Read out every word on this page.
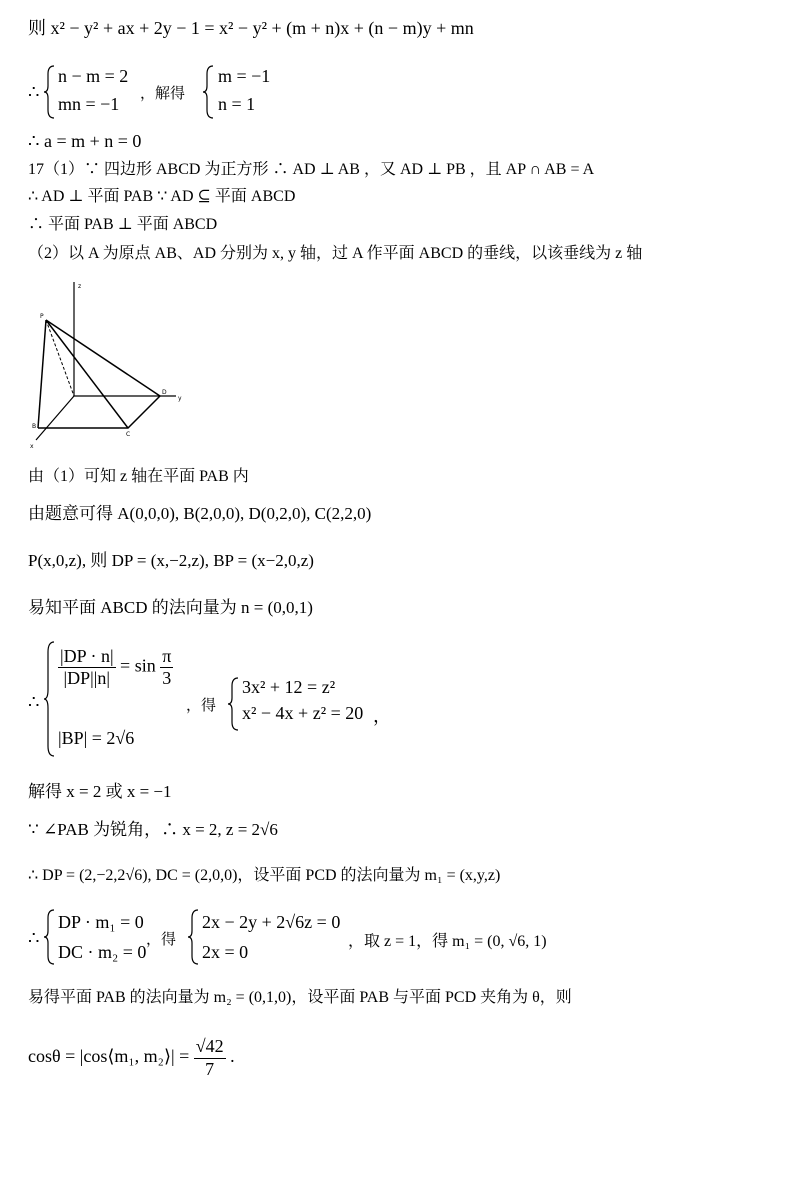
则 x² − y² + ax + 2y − 1 = x² − y² + (m + n)x + (n − m)y + mn
∴
n − m = 2
mn = −1
，解得
m = −1
n = 1
∴ a = m + n = 0
17（1）∵ 四边形 ABCD 为正方形 ∴ AD ⊥ AB ，又 AD ⊥ PB ，且 AP ∩ AB = A
∴ AD ⊥ 平面 PAB ∵ AD ⊆ 平面 ABCD
∴ 平面 PAB ⊥ 平面 ABCD
（2）以 A 为原点 AB、AD 分别为 x, y 轴，过 A 作平面 ABCD 的垂线，以该垂线为 z 轴
z
P
D
y
B
C
x
由（1）可知 z 轴在平面 PAB 内
由题意可得 A(0,0,0), B(2,0,0), D(0,2,0), C(2,2,0)
P(x,0,z), 则 DP = (x,−2,z), BP = (x−2,0,z)
易知平面 ABCD 的法向量为 n = (0,0,1)
∴
$\frac{|DP \cdot n|}{|DP||n|} = \sin \frac{\pi}{3}$
|BP| = 2√6
，得
3x² + 12 = z²
x² − 4x + z² = 20 ，
解得 x = 2 或 x = −1
∵ ∠PAB 为锐角，∴ x = 2, z = 2√6
∴ DP = (2,−2,2√6), DC = (2,0,0)，设平面 PCD 的法向量为 m₁ = (x,y,z)
∴
DP · m₁ = 0
DC · m₂ = 0
，得
2x − 2y + 2√6z = 0
2x = 0
，取 z = 1，得 m₁ = (0, √6, 1)
易得平面 PAB 的法向量为 m₂ = (0,1,0)，设平面 PAB 与平面 PCD 夹角为 θ，则
cosθ = |cos⟨m₁, m₂⟩| = $\frac{√42}{7}$ .
